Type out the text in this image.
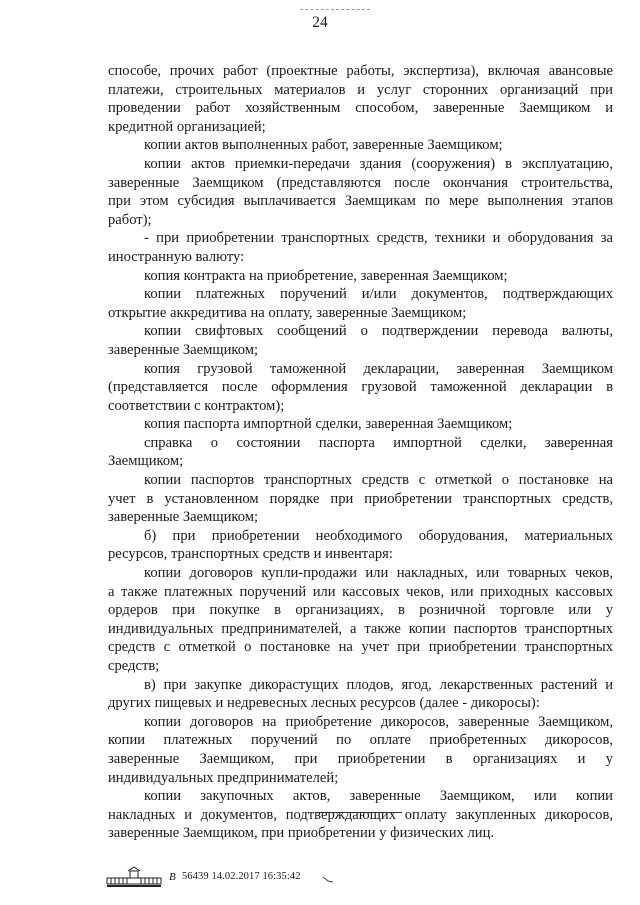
24

способе, прочих работ (проектные работы, экспертиза), включая авансовые

платежи, строительных материалов и услуг сторонних организаций при

проведении работ хозяйственным способом, заверенные Заемщиком и

кредитной организацией;

копии актов выполненных работ, заверенные Заемщиком;

копии актов приемки-передачи здания (сооружения) в эксплуатацию,

заверенные Заемщиком (представляются после окончания строительства,

при этом субсидия выплачивается Заемщикам по мере выполнения этапов

работ);

- при приобретении транспортных средств, техники и оборудования за

иностранную валюту:

копия контракта на приобретение, заверенная Заемщиком;

копии платежных поручений и/или документов, подтверждающих

открытие аккредитива на оплату, заверенные Заемщиком;

копии свифтовых сообщений о подтверждении перевода валюты,

заверенные Заемщиком;

копия грузовой таможенной декларации, заверенная Заемщиком

(представляется после оформления грузовой таможенной декларации в

соответствии с контрактом);

копия паспорта импортной сделки, заверенная Заемщиком;

справка о состоянии паспорта импортной сделки, заверенная

Заемщиком;

копии паспортов транспортных средств с отметкой о постановке на

учет в установленном порядке при приобретении транспортных средств,

заверенные Заемщиком;

б) при приобретении необходимого оборудования, материальных

ресурсов, транспортных средств и инвентаря:

копии договоров купли-продажи или накладных, или товарных чеков,

а также платежных поручений или кассовых чеков, или приходных кассовых

ордеров при покупке в организациях, в розничной торговле или у

индивидуальных предпринимателей, а также копии паспортов транспортных

средств с отметкой о постановке на учет при приобретении транспортных

средств;

в) при закупке дикорастущих плодов, ягод, лекарственных растений и

других пищевых и недревесных лесных ресурсов (далее - дикоросы):

копии договоров на приобретение дикоросов, заверенные Заемщиком,

копии платежных поручений по оплате приобретенных дикоросов,

заверенные Заемщиком, при приобретении в организациях и у

индивидуальных предпринимателей;

копии закупочных актов, заверенные Заемщиком, или копии

накладных и документов, подтверждающих оплату закупленных дикоросов,

заверенные Заемщиком, при приобретении у физических лиц.

В 56439 14.02.2017 16:35:42
